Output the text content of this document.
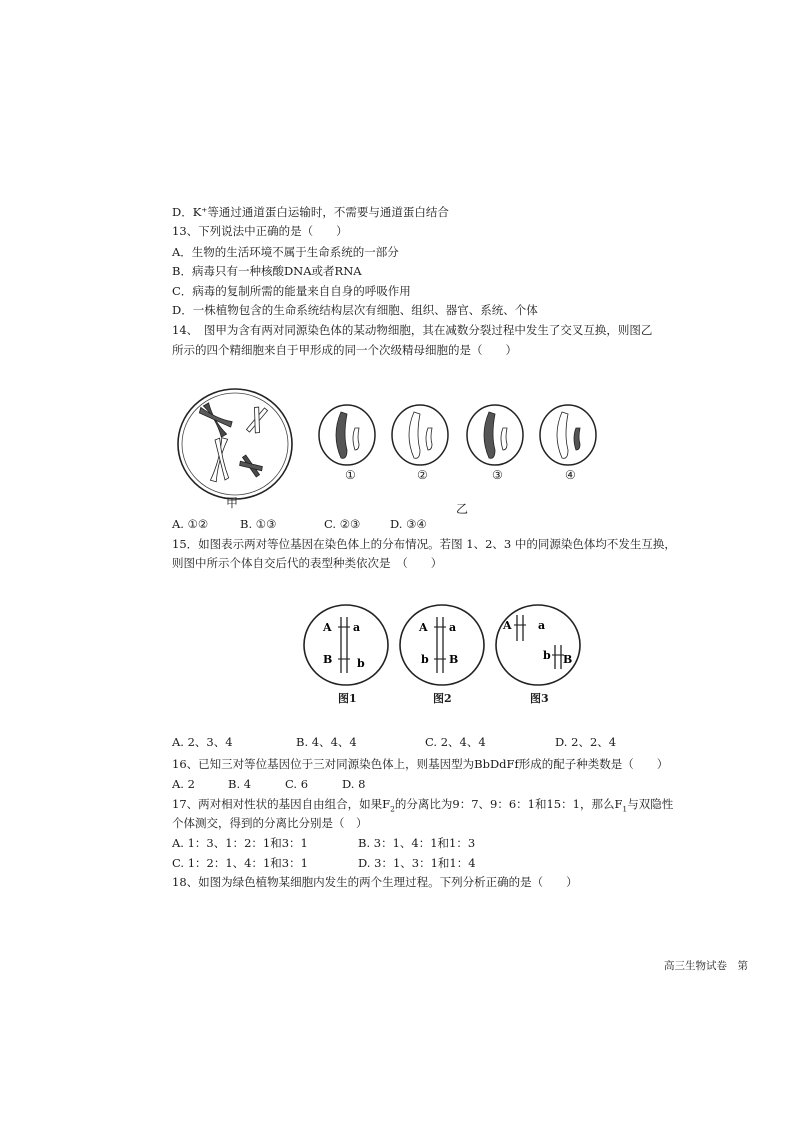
D．K⁺等通过通道蛋白运输时，不需要与通道蛋白结合
13、下列说法中正确的是（　　）
A．生物的生活环境不属于生命系统的一部分
B．病毒只有一种核酸DNA或者RNA
C．病毒的复制所需的能量来自自身的呼吸作用
D．一株植物包含的生命系统结构层次有细胞、组织、器官、系统、个体
14、　图甲为含有两对同源染色体的某动物细胞，其在减数分裂过程中发生了交叉互换，则图乙
所示的四个精细胞来自于甲形成的同一个次级精母细胞的是（　　）
①	②	③	④
甲	乙
A. ①②	B. ①③	C. ②③	D. ③④
15．如图表示两对等位基因在染色体上的分布情况。若图 1、2、3 中的同源染色体均不发生互换，
则图中所示个体自交后代的表型种类依次是　（　　）
A a
B b
A a
b B
A a
b B
图1	图2	图3
A. 2、3、4	B. 4、4、4	C. 2、4、4	D. 2、2、4
16、已知三对等位基因位于三对同源染色体上，则基因型为BbDdFf形成的配子种类数是（　　）
A. 2	B. 4	C. 6	D. 8
17、两对相对性状的基因自由组合，如果$F_2$的分离比为9：7、9：6：1和15：1，那么$F_1$与双隐性
个体测交，得到的分离比分别是（　）
A. 1：3、1：2：1和3：1	B. 3：1、4：1和1：3
C. 1：2：1、4：1和3：1	D. 3：1、3：1和1：4
18、如图为绿色植物某细胞内发生的两个生理过程。下列分析正确的是（　　）
高三生物试卷　第
